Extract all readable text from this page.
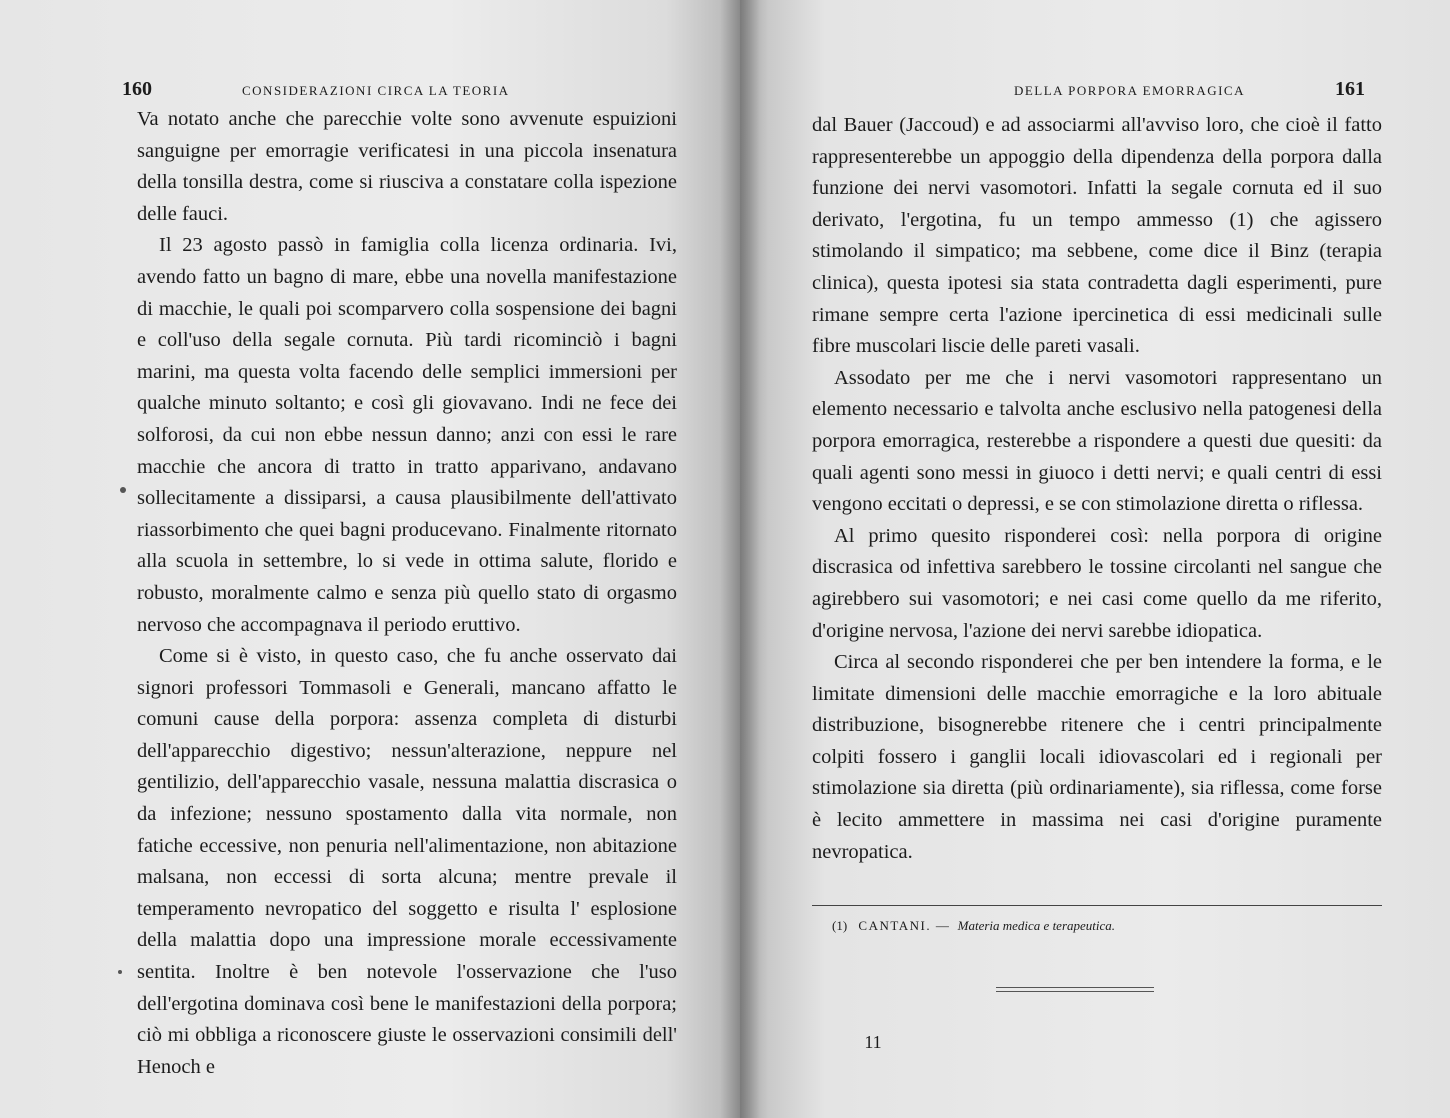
160	CONSIDERAZIONI CIRCA LA TEORIA

Va notato anche che parecchie volte sono avvenute espuizioni sanguigne per emorragie verificatesi in una piccola insenatura della tonsilla destra, come si riusciva a constatare colla ispezione delle fauci.

Il 23 agosto passò in famiglia colla licenza ordinaria. Ivi, avendo fatto un bagno di mare, ebbe una novella manifestazione di macchie, le quali poi scomparvero colla sospensione dei bagni e coll'uso della segale cornuta. Più tardi ricominciò i bagni marini, ma questa volta facendo delle semplici immersioni per qualche minuto soltanto; e così gli giovavano. Indi ne fece dei solforosi, da cui non ebbe nessun danno; anzi con essi le rare macchie che ancora di tratto in tratto apparivano, andavano sollecitamente a dissiparsi, a causa plausibilmente dell'attivato riassorbimento che quei bagni producevano. Finalmente ritornato alla scuola in settembre, lo si vede in ottima salute, florido e robusto, moralmente calmo e senza più quello stato di orgasmo nervoso che accompagnava il periodo eruttivo.

Come si è visto, in questo caso, che fu anche osservato dai signori professori Tommasoli e Generali, mancano affatto le comuni cause della porpora: assenza completa di disturbi dell'apparecchio digestivo; nessun'alterazione, neppure nel gentilizio, dell'apparecchio vasale, nessuna malattia discrasica o da infezione; nessuno spostamento dalla vita normale, non fatiche eccessive, non penuria nell'alimentazione, non abitazione malsana, non eccessi di sorta alcuna; mentre prevale il temperamento nevropatico del soggetto e risulta l' esplosione della malattia dopo una impressione morale eccessivamente sentita. Inoltre è ben notevole l'osservazione che l'uso dell'ergotina dominava così bene le manifestazioni della porpora; ciò mi obbliga a riconoscere giuste le osservazioni consimili dell' Henoch e

DELLA PORPORA EMORRAGICA	161

dal Bauer (Jaccoud) e ad associarmi all'avviso loro, che cioè il fatto rappresenterebbe un appoggio della dipendenza della porpora dalla funzione dei nervi vasomotori. Infatti la segale cornuta ed il suo derivato, l'ergotina, fu un tempo ammesso (1) che agissero stimolando il simpatico; ma sebbene, come dice il Binz (terapia clinica), questa ipotesi sia stata contradetta dagli esperimenti, pure rimane sempre certa l'azione ipercinetica di essi medicinali sulle fibre muscolari liscie delle pareti vasali.

Assodato per me che i nervi vasomotori rappresentano un elemento necessario e talvolta anche esclusivo nella patogenesi della porpora emorragica, resterebbe a rispondere a questi due quesiti: da quali agenti sono messi in giuoco i detti nervi; e quali centri di essi vengono eccitati o depressi, e se con stimolazione diretta o riflessa.

Al primo quesito risponderei così: nella porpora di origine discrasica od infettiva sarebbero le tossine circolanti nel sangue che agirebbero sui vasomotori; e nei casi come quello da me riferito, d'origine nervosa, l'azione dei nervi sarebbe idiopatica.

Circa al secondo risponderei che per ben intendere la forma, e le limitate dimensioni delle macchie emorragiche e la loro abituale distribuzione, bisognerebbe ritenere che i centri principalmente colpiti fossero i ganglii locali idiovascolari ed i regionali per stimolazione sia diretta (più ordinariamente), sia riflessa, come forse è lecito ammettere in massima nei casi d'origine puramente nevropatica.

(1) CANTANI. — Materia medica e terapeutica.
11
